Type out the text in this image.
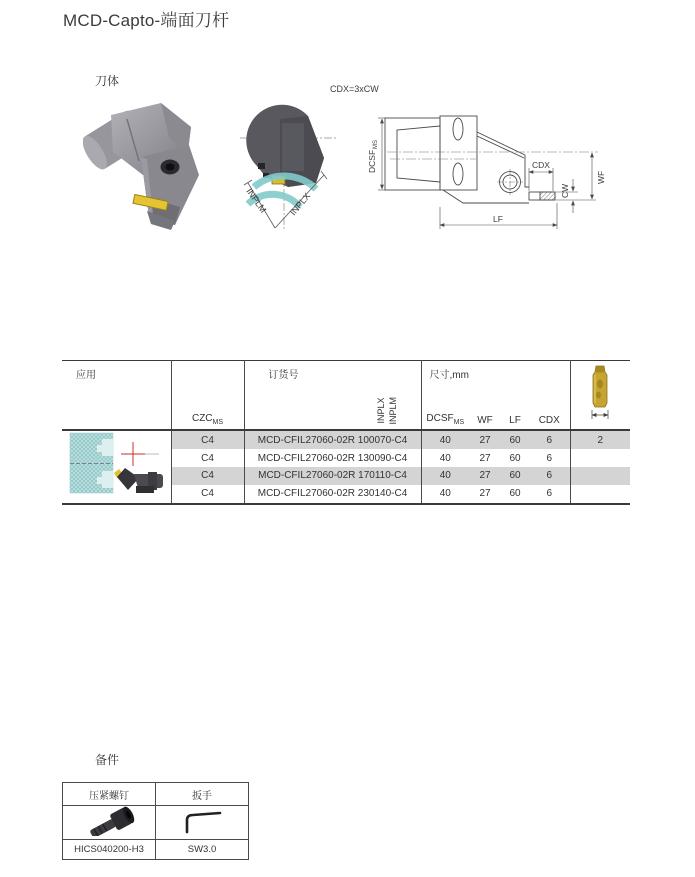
MCD-Capto-端面刀杆
刀体
INPLM INPLX
CDX=3xCW
DCSF
MS
CDX
CW
WF
LF
应用

$CZC_{MS}$

订货号
INPLX INPLM

尺寸,mm
$DCSF_{MS}$	WF	LF	CDX

	C4	MCD-CFIL27060-02R 100070-C4	40	27	60	6	2
	C4	MCD-CFIL27060-02R 130090-C4	40	27	60	6	
	C4	MCD-CFIL27060-02R 170110-C4	40	27	60	6	
	C4	MCD-CFIL27060-02R 230140-C4	40	27	60	6	
备件
压紧螺钉	扳手

HICS040200-H3	SW3.0
